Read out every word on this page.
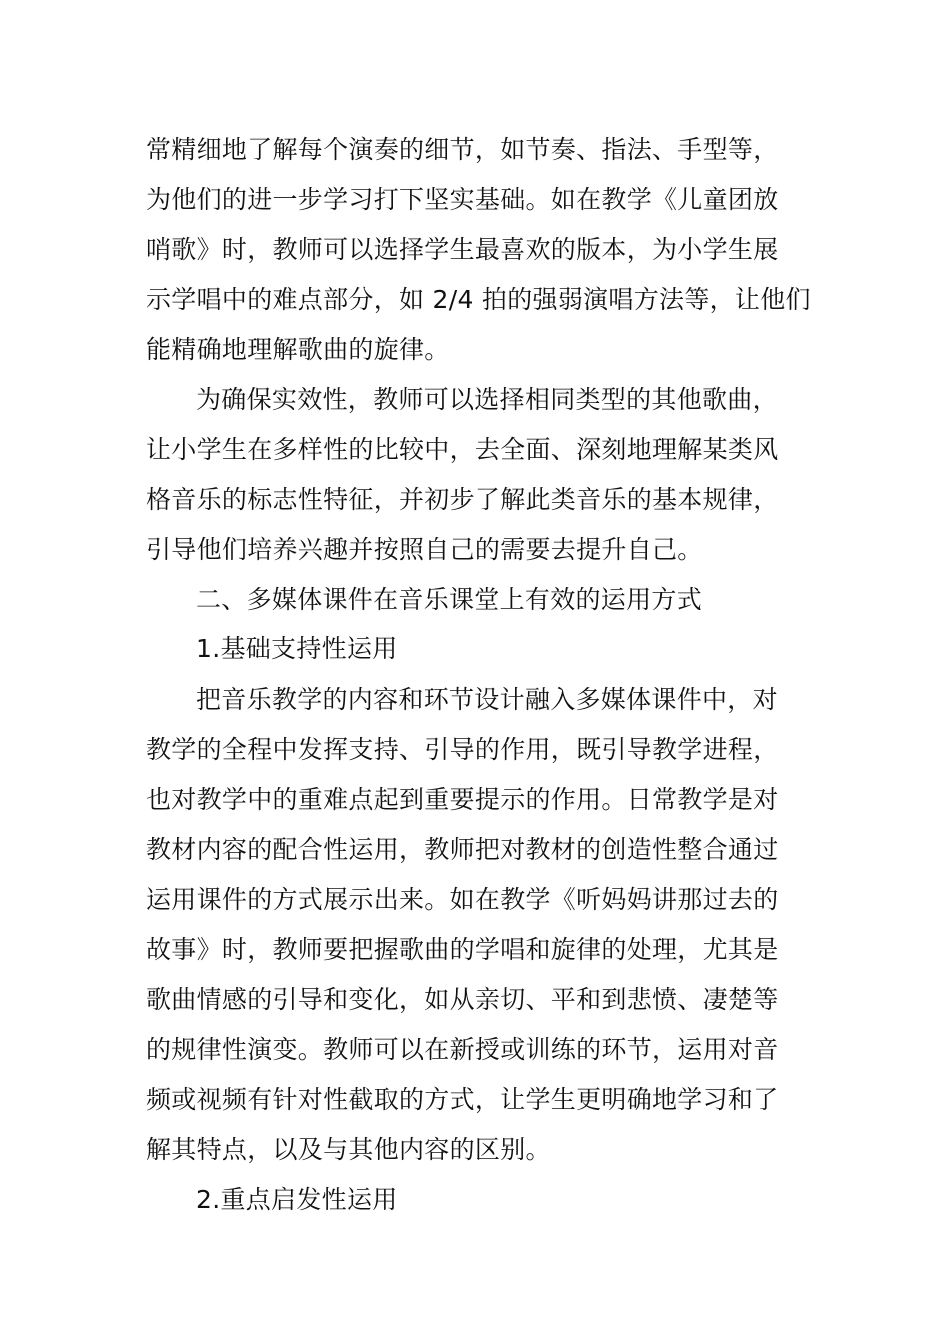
常精细地了解每个演奏的细节，如节奏、指法、手型等，
为他们的进一步学习打下坚实基础。如在教学《儿童团放
哨歌》时，教师可以选择学生最喜欢的版本，为小学生展
示学唱中的难点部分，如 2/4 拍的强弱演唱方法等，让他们
能精确地理解歌曲的旋律。
为确保实效性，教师可以选择相同类型的其他歌曲，
让小学生在多样性的比较中，去全面、深刻地理解某类风
格音乐的标志性特征，并初步了解此类音乐的基本规律，
引导他们培养兴趣并按照自己的需要去提升自己。
二、多媒体课件在音乐课堂上有效的运用方式
1.基础支持性运用
把音乐教学的内容和环节设计融入多媒体课件中，对
教学的全程中发挥支持、引导的作用，既引导教学进程，
也对教学中的重难点起到重要提示的作用。日常教学是对
教材内容的配合性运用，教师把对教材的创造性整合通过
运用课件的方式展示出来。如在教学《听妈妈讲那过去的
故事》时，教师要把握歌曲的学唱和旋律的处理，尤其是
歌曲情感的引导和变化，如从亲切、平和到悲愤、凄楚等
的规律性演变。教师可以在新授或训练的环节，运用对音
频或视频有针对性截取的方式，让学生更明确地学习和了
解其特点，以及与其他内容的区别。
2.重点启发性运用
